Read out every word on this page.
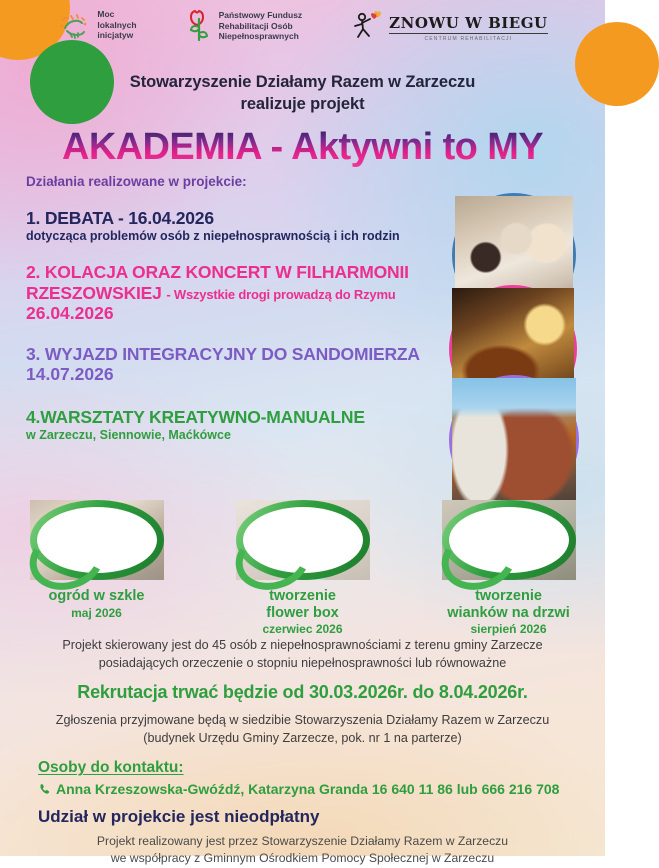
Moc
lokalnych
inicjatyw
Państwowy Fundusz
Rehabilitacji Osób
Niepełnosprawnych
ZNOWU W BIEGU
CENTRUM REHABILITACJI
Stowarzyszenie Działamy Razem w Zarzeczu
realizuje projekt
AKADEMIA - Aktywni to MY
Działania realizowane w projekcie:
1. DEBATA - 16.04.2026
dotycząca problemów osób z niepełnosprawnością i ich rodzin
2. KOLACJA ORAZ KONCERT W FILHARMONII
RZESZOWSKIEJ - Wszystkie drogi prowadzą do Rzymu
26.04.2026
3. WYJAZD INTEGRACYJNY DO SANDOMIERZA
14.07.2026
4.WARSZTATY KREATYWNO-MANUALNE
w Zarzeczu, Siennowie, Maćkówce
ogród w szkle
maj 2026
tworzenie
flower box
czerwiec 2026
tworzenie
wianków na drzwi
sierpień 2026
Projekt skierowany jest do 45 osób z niepełnosprawnościami z terenu gminy Zarzecze
posiadających orzeczenie o stopniu niepełnosprawności lub równoważne
Rekrutacja trwać będzie od 30.03.2026r. do 8.04.2026r.
Zgłoszenia przyjmowane będą w siedzibie Stowarzyszenia Działamy Razem w Zarzeczu
(budynek Urzędu Gminy Zarzecze, pok. nr 1 na parterze)
Osoby do kontaktu:
Anna Krzeszowska-Gwóźdź, Katarzyna Granda 16 640 11 86 lub 666 216 708
Udział w projekcie jest nieodpłatny
Projekt realizowany jest przez Stowarzyszenie Działamy Razem w Zarzeczu
we współpracy z Gminnym Ośrodkiem Pomocy Społecznej w Zarzeczu
